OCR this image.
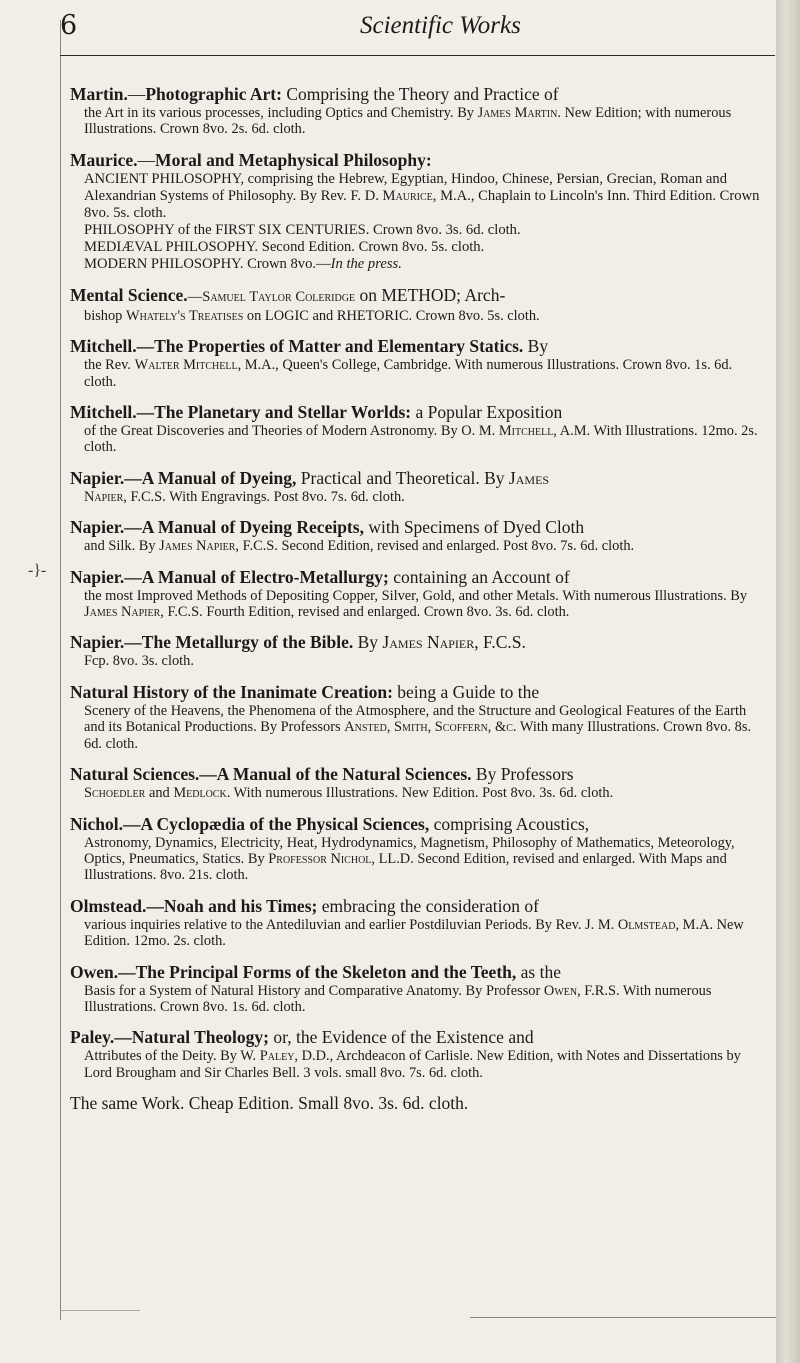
6	Scientific Works
-}-

Martin.—Photographic Art: Comprising the Theory and Practice of

the Art in its various processes, including Optics and Chemistry. By James Martin. New Edition; with numerous Illustrations. Crown 8vo. 2s. 6d. cloth.

Maurice.—Moral and Metaphysical Philosophy:

ANCIENT PHILOSOPHY, comprising the Hebrew, Egyptian, Hindoo, Chinese, Persian, Grecian, Roman and Alexandrian Systems of Philosophy. By Rev. F. D. Maurice, M.A., Chaplain to Lincoln's Inn. Third Edition. Crown 8vo. 5s. cloth.

PHILOSOPHY of the FIRST SIX CENTURIES. Crown 8vo. 3s. 6d. cloth.

MEDIÆVAL PHILOSOPHY. Second Edition. Crown 8vo. 5s. cloth.

MODERN PHILOSOPHY. Crown 8vo.—In the press.

Mental Science.—Samuel Taylor Coleridge on METHOD; Arch-

bishop Whately's Treatises on LOGIC and RHETORIC. Crown 8vo. 5s. cloth.

Mitchell.—The Properties of Matter and Elementary Statics. By

the Rev. Walter Mitchell, M.A., Queen's College, Cambridge. With numerous Illustrations. Crown 8vo. 1s. 6d. cloth.

Mitchell.—The Planetary and Stellar Worlds: a Popular Exposition

of the Great Discoveries and Theories of Modern Astronomy. By O. M. Mitchell, A.M. With Illustrations. 12mo. 2s. cloth.

Napier.—A Manual of Dyeing, Practical and Theoretical. By James

Napier, F.C.S. With Engravings. Post 8vo. 7s. 6d. cloth.

Napier.—A Manual of Dyeing Receipts, with Specimens of Dyed Cloth

and Silk. By James Napier, F.C.S. Second Edition, revised and enlarged. Post 8vo. 7s. 6d. cloth.

Napier.—A Manual of Electro-Metallurgy; containing an Account of

the most Improved Methods of Depositing Copper, Silver, Gold, and other Metals. With numerous Illustrations. By James Napier, F.C.S. Fourth Edition, revised and enlarged. Crown 8vo. 3s. 6d. cloth.

Napier.—The Metallurgy of the Bible. By James Napier, F.C.S.

Fcp. 8vo. 3s. cloth.

Natural History of the Inanimate Creation: being a Guide to the

Scenery of the Heavens, the Phenomena of the Atmosphere, and the Structure and Geological Features of the Earth and its Botanical Productions. By Professors Ansted, Smith, Scoffern, &c. With many Illustrations. Crown 8vo. 8s. 6d. cloth.

Natural Sciences.—A Manual of the Natural Sciences. By Professors

Schoedler and Medlock. With numerous Illustrations. New Edition. Post 8vo. 3s. 6d. cloth.

Nichol.—A Cyclopædia of the Physical Sciences, comprising Acoustics,

Astronomy, Dynamics, Electricity, Heat, Hydrodynamics, Magnetism, Philosophy of Mathematics, Meteorology, Optics, Pneumatics, Statics. By Professor Nichol, LL.D. Second Edition, revised and enlarged. With Maps and Illustrations. 8vo. 21s. cloth.

Olmstead.—Noah and his Times; embracing the consideration of

various inquiries relative to the Antediluvian and earlier Postdiluvian Periods. By Rev. J. M. Olmstead, M.A. New Edition. 12mo. 2s. cloth.

Owen.—The Principal Forms of the Skeleton and the Teeth, as the

Basis for a System of Natural History and Comparative Anatomy. By Professor Owen, F.R.S. With numerous Illustrations. Crown 8vo. 1s. 6d. cloth.

Paley.—Natural Theology; or, the Evidence of the Existence and

Attributes of the Deity. By W. Paley, D.D., Archdeacon of Carlisle. New Edition, with Notes and Dissertations by Lord Brougham and Sir Charles Bell. 3 vols. small 8vo. 7s. 6d. cloth.

The same Work. Cheap Edition. Small 8vo. 3s. 6d. cloth.
